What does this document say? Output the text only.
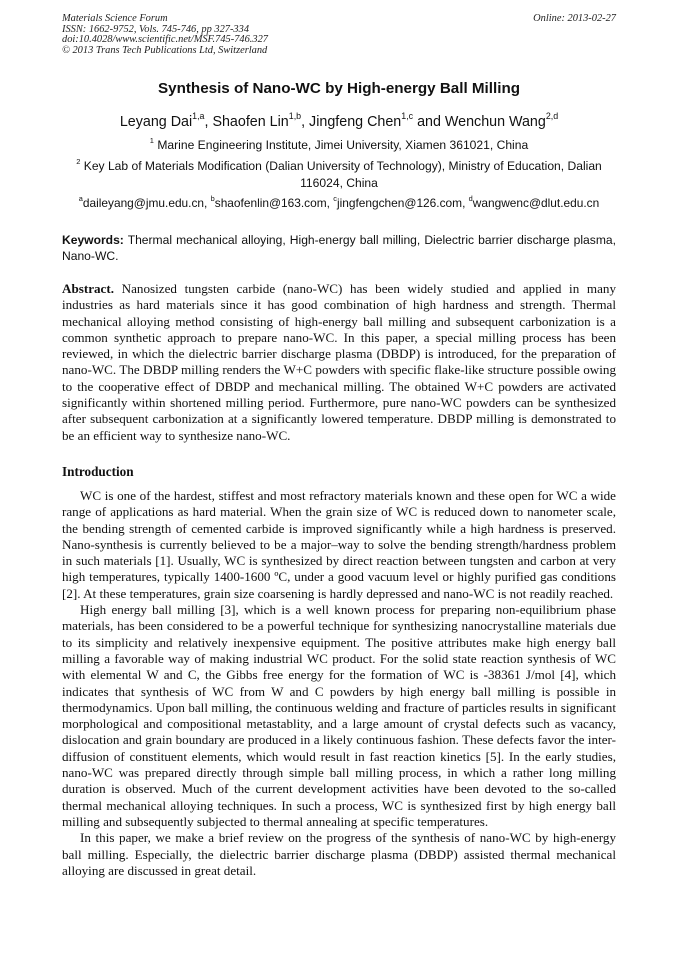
Materials Science Forum
ISSN: 1662-9752, Vols. 745-746, pp 327-334
doi:10.4028/www.scientific.net/MSF.745-746.327
© 2013 Trans Tech Publications Ltd, Switzerland
Online: 2013-02-27
Synthesis of Nano-WC by High-energy Ball Milling
Leyang Dai$^{1,a}$, Shaofen Lin$^{1,b}$, Jingfeng Chen$^{1,c}$ and Wenchun Wang$^{2,d}$
$^1$ Marine Engineering Institute, Jimei University, Xiamen 361021, China
$^2$ Key Lab of Materials Modification (Dalian University of Technology), Ministry of Education, Dalian 116024, China
$^a$daileyang@jmu.edu.cn, $^b$shaofenlin@163.com, $^c$jingfengchen@126.com, $^d$wangwenc@dlut.edu.cn
Keywords: Thermal mechanical alloying, High-energy ball milling, Dielectric barrier discharge plasma, Nano-WC.
Abstract. Nanosized tungsten carbide (nano-WC) has been widely studied and applied in many industries as hard materials since it has good combination of high hardness and strength. Thermal mechanical alloying method consisting of high-energy ball milling and subsequent carbonization is a common synthetic approach to prepare nano-WC. In this paper, a special milling process has been reviewed, in which the dielectric barrier discharge plasma (DBDP) is introduced, for the preparation of nano-WC. The DBDP milling renders the W+C powders with specific flake-like structure possible owing to the cooperative effect of DBDP and mechanical milling. The obtained W+C powders are activated significantly within shortened milling period. Furthermore, pure nano-WC powders can be synthesized after subsequent carbonization at a significantly lowered temperature. DBDP milling is demonstrated to be an efficient way to synthesize nano-WC.
Introduction

WC is one of the hardest, stiffest and most refractory materials known and these open for WC a wide range of applications as hard material. When the grain size of WC is reduced down to nanometer scale, the bending strength of cemented carbide is improved significantly while a high hardness is preserved. Nano-synthesis is currently believed to be a major–way to solve the bending strength/hardness problem in such materials [1]. Usually, WC is synthesized by direct reaction between tungsten and carbon at very high temperatures, typically 1400-1600 ºC, under a good vacuum level or highly purified gas conditions [2]. At these temperatures, grain size coarsening is hardly depressed and nano-WC is not readily reached.

High energy ball milling [3], which is a well known process for preparing non-equilibrium phase materials, has been considered to be a powerful technique for synthesizing nanocrystalline materials due to its simplicity and relatively inexpensive equipment. The positive attributes make high energy ball milling a favorable way of making industrial WC product. For the solid state reaction synthesis of WC with elemental W and C, the Gibbs free energy for the formation of WC is -38361 J/mol [4], which indicates that synthesis of WC from W and C powders by high energy ball milling is possible in thermodynamics. Upon ball milling, the continuous welding and fracture of particles results in significant morphological and compositional metastablity, and a large amount of crystal defects such as vacancy, dislocation and grain boundary are produced in a likely continuous fashion. These defects favor the inter-diffusion of constituent elements, which would result in fast reaction kinetics [5]. In the early studies, nano-WC was prepared directly through simple ball milling process, in which a rather long milling duration is observed. Much of the current development activities have been devoted to the so-called thermal mechanical alloying techniques. In such a process, WC is synthesized first by high energy ball milling and subsequently subjected to thermal annealing at specific temperatures.

In this paper, we make a brief review on the progress of the synthesis of nano-WC by high-energy ball milling. Especially, the dielectric barrier discharge plasma (DBDP) assisted thermal mechanical alloying are discussed in great detail.
